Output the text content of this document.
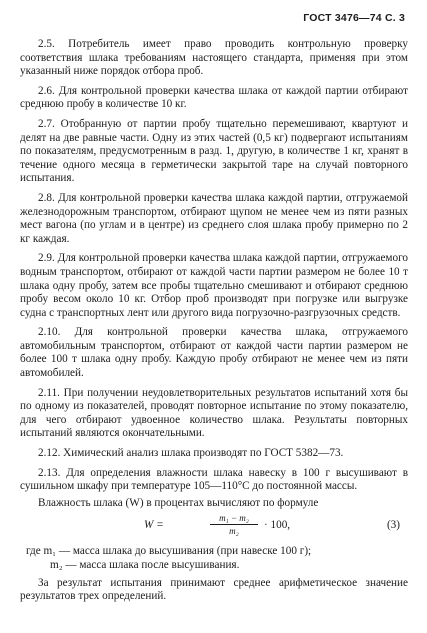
ГОСТ 3476—74 С. 3

2.5. Потребитель имеет право проводить контрольную проверку соответствия шлака требованиям настоящего стандарта, применяя при этом указанный ниже порядок отбора проб.

2.6. Для контрольной проверки качества шлака от каждой партии отбирают среднюю пробу в количестве 10 кг.

2.7. Отобранную от партии пробу тщательно перемешивают, квартуют и делят на две равные части. Одну из этих частей (0,5 кг) подвергают испытаниям по показателям, предусмотренным в разд. 1, другую, в количестве 1 кг, хранят в течение одного месяца в герметически закрытой таре на случай повторного испытания.

2.8. Для контрольной проверки качества шлака каждой партии, отгружаемой железнодорожным транспортом, отбирают щупом не менее чем из пяти разных мест вагона (по углам и в центре) из среднего слоя шлака пробу примерно по 2 кг каждая.

2.9. Для контрольной проверки качества шлака каждой партии, отгружаемого водным транспортом, отбирают от каждой части партии размером не более 10 т шлака одну пробу, затем все пробы тщательно смешивают и отбирают среднюю пробу весом около 10 кг. Отбор проб производят при погрузке или выгрузке судна с транспортных лент или другого вида погрузочно-разгрузочных средств.

2.10. Для контрольной проверки качества шлака, отгружаемого автомобильным транспортом, отбирают от каждой части партии размером не более 100 т шлака одну пробу. Каждую пробу отбирают не менее чем из пяти автомобилей.

2.11. При получении неудовлетворительных результатов испытаний хотя бы по одному из показателей, проводят повторное испытание по этому показателю, для чего отбирают удвоенное количество шлака. Результаты повторных испытаний являются окончательными.

2.12. Химический анализ шлака производят по ГОСТ 5382—73.

2.13. Для определения влажности шлака навеску в 100 г высушивают в сушильном шкафу при температуре 105—110°С до постоянной массы.

Влажность шлака (W) в процентах вычисляют по формуле

W =
m₁ − m₂
m₂	· 100,	(3)
где m₁ — масса шлака до высушивания (при навеске 100 г);
m₂ — масса шлака после высушивания.

За результат испытания принимают среднее арифметическое значение результатов трех определений.
